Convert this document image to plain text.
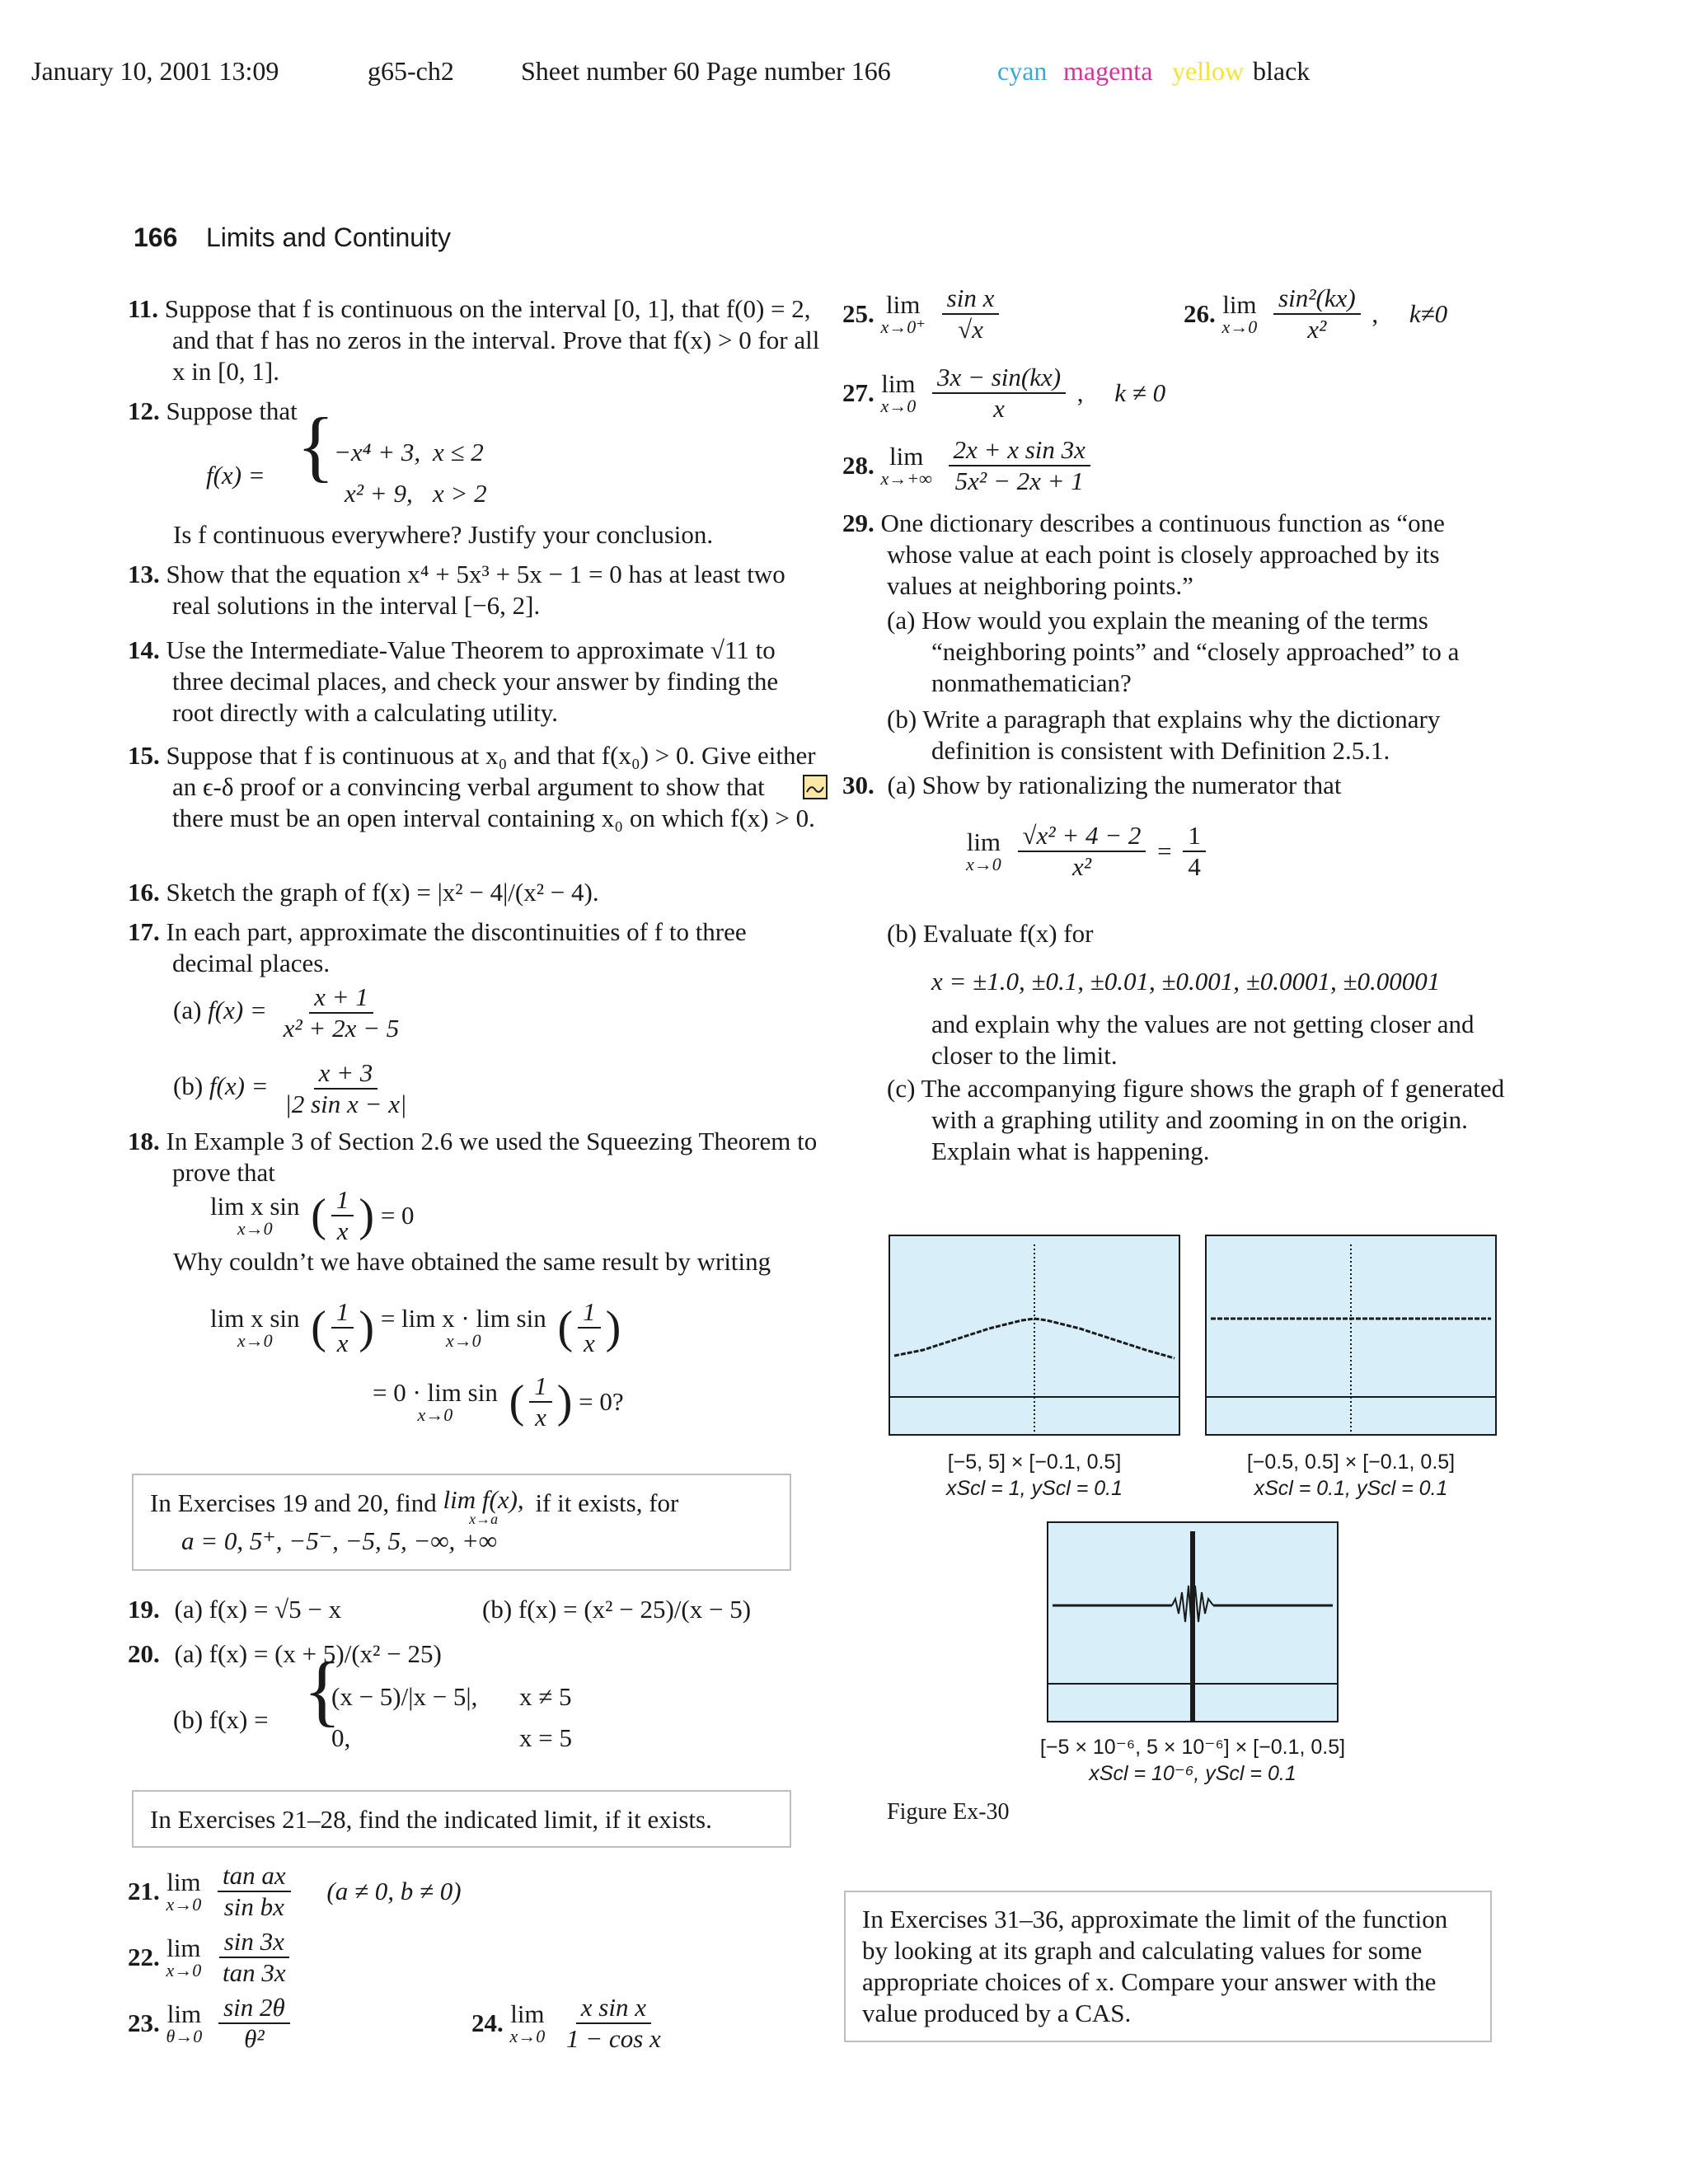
January 10, 2001 13:09	g65-ch2	Sheet number 60 Page number 166	cyan magenta yellow black
166 Limits and Continuity

11. Suppose that f is continuous on the interval [0, 1], that f(0) = 2, and that f has no zeros in the interval. Prove that f(x) > 0 for all x in [0, 1].

12. Suppose that

f(x) = {
−x⁴ + 3, x ≤ 2
x² + 9, x > 2
Is f continuous everywhere? Justify your conclusion.

13. Show that the equation x⁴ + 5x³ + 5x − 1 = 0 has at least two real solutions in the interval [−6, 2].

14. Use the Intermediate-Value Theorem to approximate √11 to three decimal places, and check your answer by finding the root directly with a calculating utility.

15. Suppose that f is continuous at x₀ and that f(x₀) > 0. Give either an ϵ-δ proof or a convincing verbal argument to show that there must be an open interval containing x₀ on which f(x) > 0.

16. Sketch the graph of f(x) = |x² − 4|/(x² − 4).

17. In each part, approximate the discontinuities of f to three decimal places.

(a) $f(x) = \frac{x + 1}{\text{x² + 2x − 5}}$
(b) $f(x) = \frac{x + 3}{\text{|2 sin x − x|}}$

18. In Example 3 of Section 2.6 we used the Squeezing Theorem to prove that

lim x sin
x→0 ( $\frac{1}{x}$ ) = 0
Why couldn’t we have obtained the same result by writing
lim x sin
x→0 ( $\frac{1}{x}$ ) = lim x · lim sin
x→0 ( $\frac{1}{x}$ )
= 0 · lim sin
x→0 ( $\frac{1}{x}$ ) = 0?
In Exercises 19 and 20, find lim f(x),
x→a
if it exists, for
a = 0, 5⁺, −5⁻, −5, 5, −∞, +∞
19. (a) f(x) = √5 − x	(b) f(x) = (x² − 25)/(x − 5)
20. (a) f(x) = (x + 5)/(x² − 25)
(b) f(x) = {
(x − 5)/|x − 5|, x ≠ 5
0,	x = 5
In Exercises 21–28, find the indicated limit, if it exists.
21. lim
x→0
$\frac{\text{tan ax}}{\text{sin bx}} (a \ne 0$, b ≠ 0)
22. lim
x→0
$\frac{\sin 3x}{\tan 3x}$
23. lim
θ→0
$\frac{\sin 2\theta}{\text{θ²}}$	24. lim
x→0
$\frac{\text{x sin x}}{\text{1 − cos x}}$
25. lim
x→0⁺
$\frac{\text{sin x}}{√x}$	26. lim
x→0
$\frac{\text{sin²(kx)}}{\text{x²}}$ , k≠0
27. lim
x→0
$\frac{3x - \sin(kx)}{x}$ , k ≠ 0
28. lim
x→+∞
$\frac{\text{2x + x sin 3x}}{\text{5x² − 2x + 1}}$

29. One dictionary describes a continuous function as “one whose value at each point is closely approached by its values at neighboring points.”

(a) How would you explain the meaning of the terms “neighboring points” and “closely approached” to a nonmathematician?

(b) Write a paragraph that explains why the dictionary definition is consistent with Definition 2.5.1.

30. (a) Show by rationalizing the numerator that
lim
x→0
$\frac{\text{√x² + 4 − 2}}{\text{x²}} = \frac{1}{4}$

(b) Evaluate f(x) for

x = ±1.0, ±0.1, ±0.01, ±0.001, ±0.0001, ±0.00001

and explain why the values are not getting closer and closer to the limit.

(c) The accompanying figure shows the graph of f generated with a graphing utility and zooming in on the origin. Explain what is happening.

[−5, 5] × [−0.1, 0.5]
xScl = 1, yScl = 0.1
[−0.5, 0.5] × [−0.1, 0.5]
xScl = 0.1, yScl = 0.1
[−5 × 10⁻⁶, 5 × 10⁻⁶] × [−0.1, 0.5]
xScl = 10⁻⁶, yScl = 0.1
Figure Ex-30
In Exercises 31–36, approximate the limit of the function by looking at its graph and calculating values for some appropriate choices of x. Compare your answer with the value produced by a CAS.
